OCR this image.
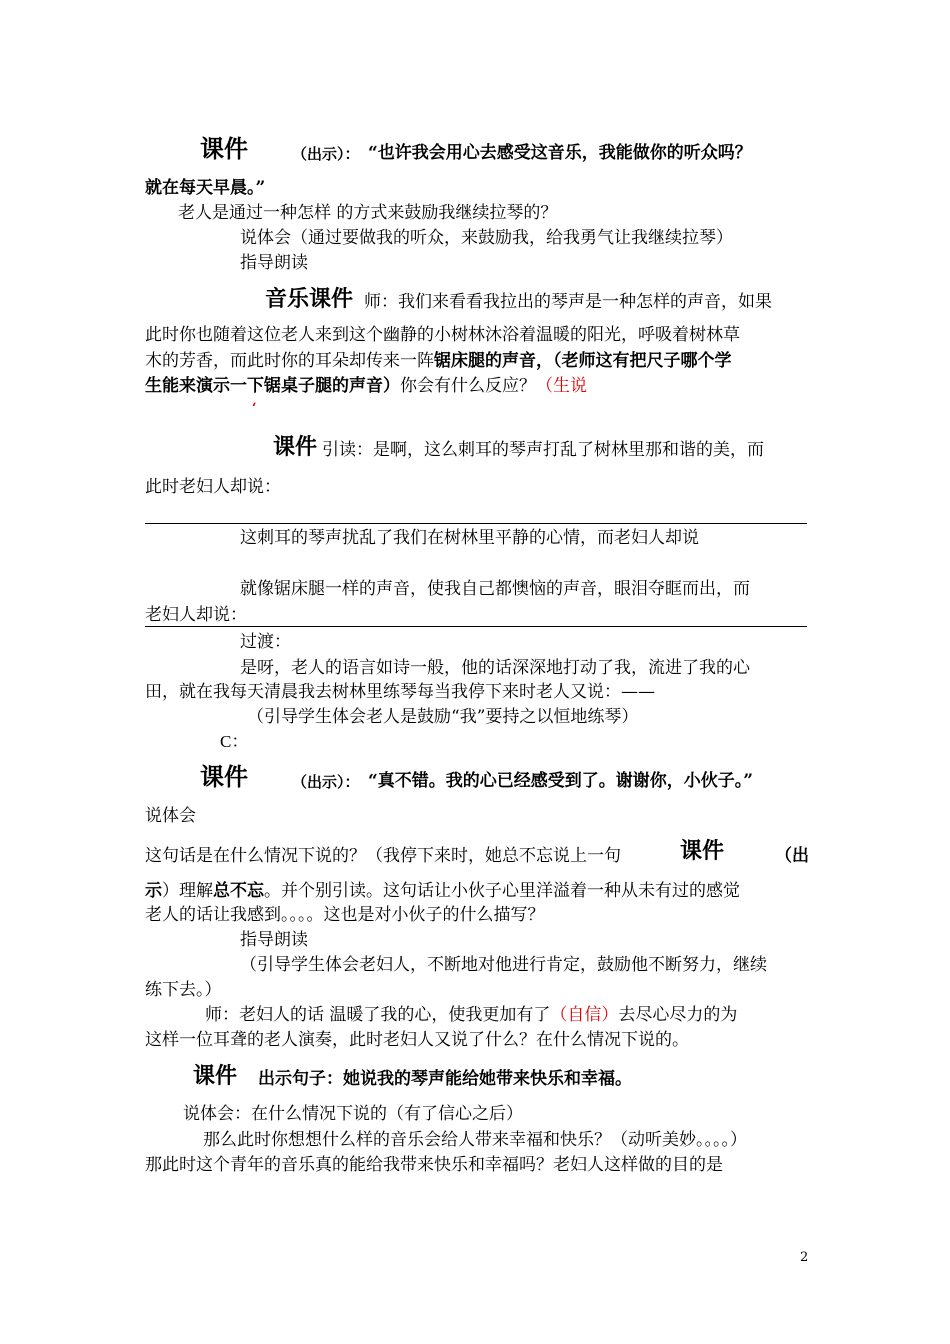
课件	（出示）： “也许我会用心去感受这音乐，我能做你的听众吗？
就在每天早晨。”
老人是通过一种怎样 的方式来鼓励我继续拉琴的？
说体会（通过要做我的听众，来鼓励我，给我勇气让我继续拉琴）
指导朗读
音乐课件 师：我们来看看我拉出的琴声是一种怎样的声音，如果
此时你也随着这位老人来到这个幽静的小树林沐浴着温暖的阳光，呼吸着树林草
木的芳香，而此时你的耳朵却传来一阵锯床腿的声音，（老师这有把尺子哪个学
生能来演示一下锯桌子腿的声音）你会有什么反应？（生说
‘
课件 引读：是啊，这么刺耳的琴声打乱了树林里那和谐的美，而
此时老妇人却说：
这刺耳的琴声扰乱了我们在树林里平静的心情，而老妇人却说
就像锯床腿一样的声音，使我自己都懊恼的声音，眼泪夺眶而出，而
老妇人却说：
过渡：
是呀，老人的语言如诗一般，他的话深深地打动了我，流进了我的心
田，就在我每天清晨我去树林里练琴每当我停下来时老人又说：——
（引导学生体会老人是鼓励“我”要持之以恒地练琴）
C：
课件	（出示）： “真不错。我的心已经感受到了。谢谢你，小伙子。”
说体会
这句话是在什么情况下说的？（我停下来时，她总不忘说上一句	课件	（出
示）理解总不忘。并个别引读。这句话让小伙子心里洋溢着一种从未有过的感觉
老人的话让我感到。。。。这也是对小伙子的什么描写？
指导朗读
（引导学生体会老妇人，不断地对他进行肯定，鼓励他不断努力，继续
练下去。）
师：老妇人的话 温暖了我的心，使我更加有了（自信）去尽心尽力的为
这样一位耳聋的老人演奏，此时老妇人又说了什么？在什么情况下说的。
课件 出示句子：她说我的琴声能给她带来快乐和幸福。
说体会：在什么情况下说的（有了信心之后）
那么此时你想想什么样的音乐会给人带来幸福和快乐？（动听美妙。。。。）
那此时这个青年的音乐真的能给我带来快乐和幸福吗？老妇人这样做的目的是
2
